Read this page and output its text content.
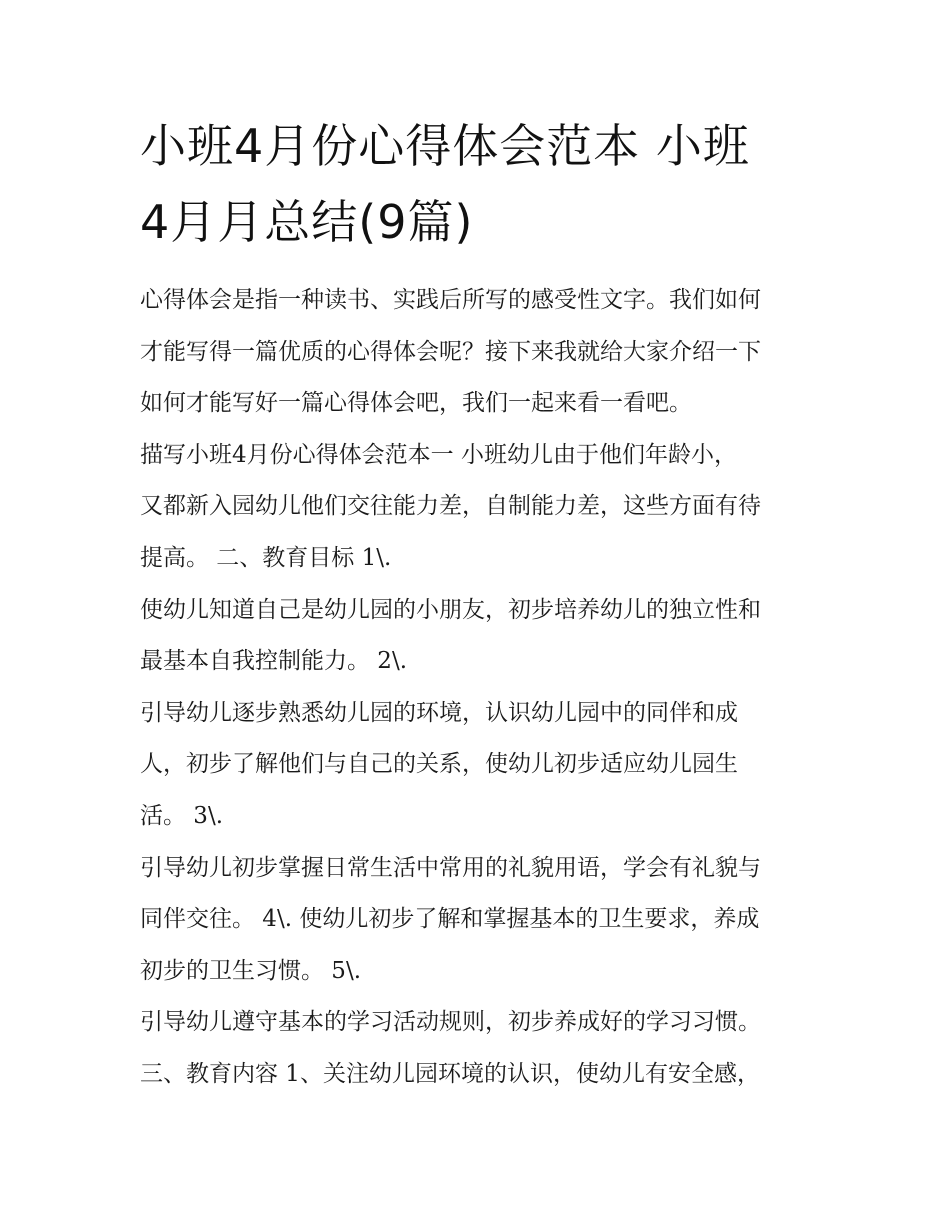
小班4月份心得体会范本 小班
4月月总结(9篇)
心得体会是指一种读书、实践后所写的感受性文字。我们如何
才能写得一篇优质的心得体会呢？接下来我就给大家介绍一下
如何才能写好一篇心得体会吧，我们一起来看一看吧。
描写小班4月份心得体会范本一 小班幼儿由于他们年龄小，
又都新入园幼儿他们交往能力差，自制能力差，这些方面有待
提高。 二、教育目标 1\.
使幼儿知道自己是幼儿园的小朋友，初步培养幼儿的独立性和
最基本自我控制能力。 2\.
引导幼儿逐步熟悉幼儿园的环境，认识幼儿园中的同伴和成
人，初步了解他们与自己的关系，使幼儿初步适应幼儿园生
活。 3\.
引导幼儿初步掌握日常生活中常用的礼貌用语，学会有礼貌与
同伴交往。 4\. 使幼儿初步了解和掌握基本的卫生要求，养成
初步的卫生习惯。 5\.
引导幼儿遵守基本的学习活动规则，初步养成好的学习习惯。
三、教育内容 1、关注幼儿园环境的认识，使幼儿有安全感，
